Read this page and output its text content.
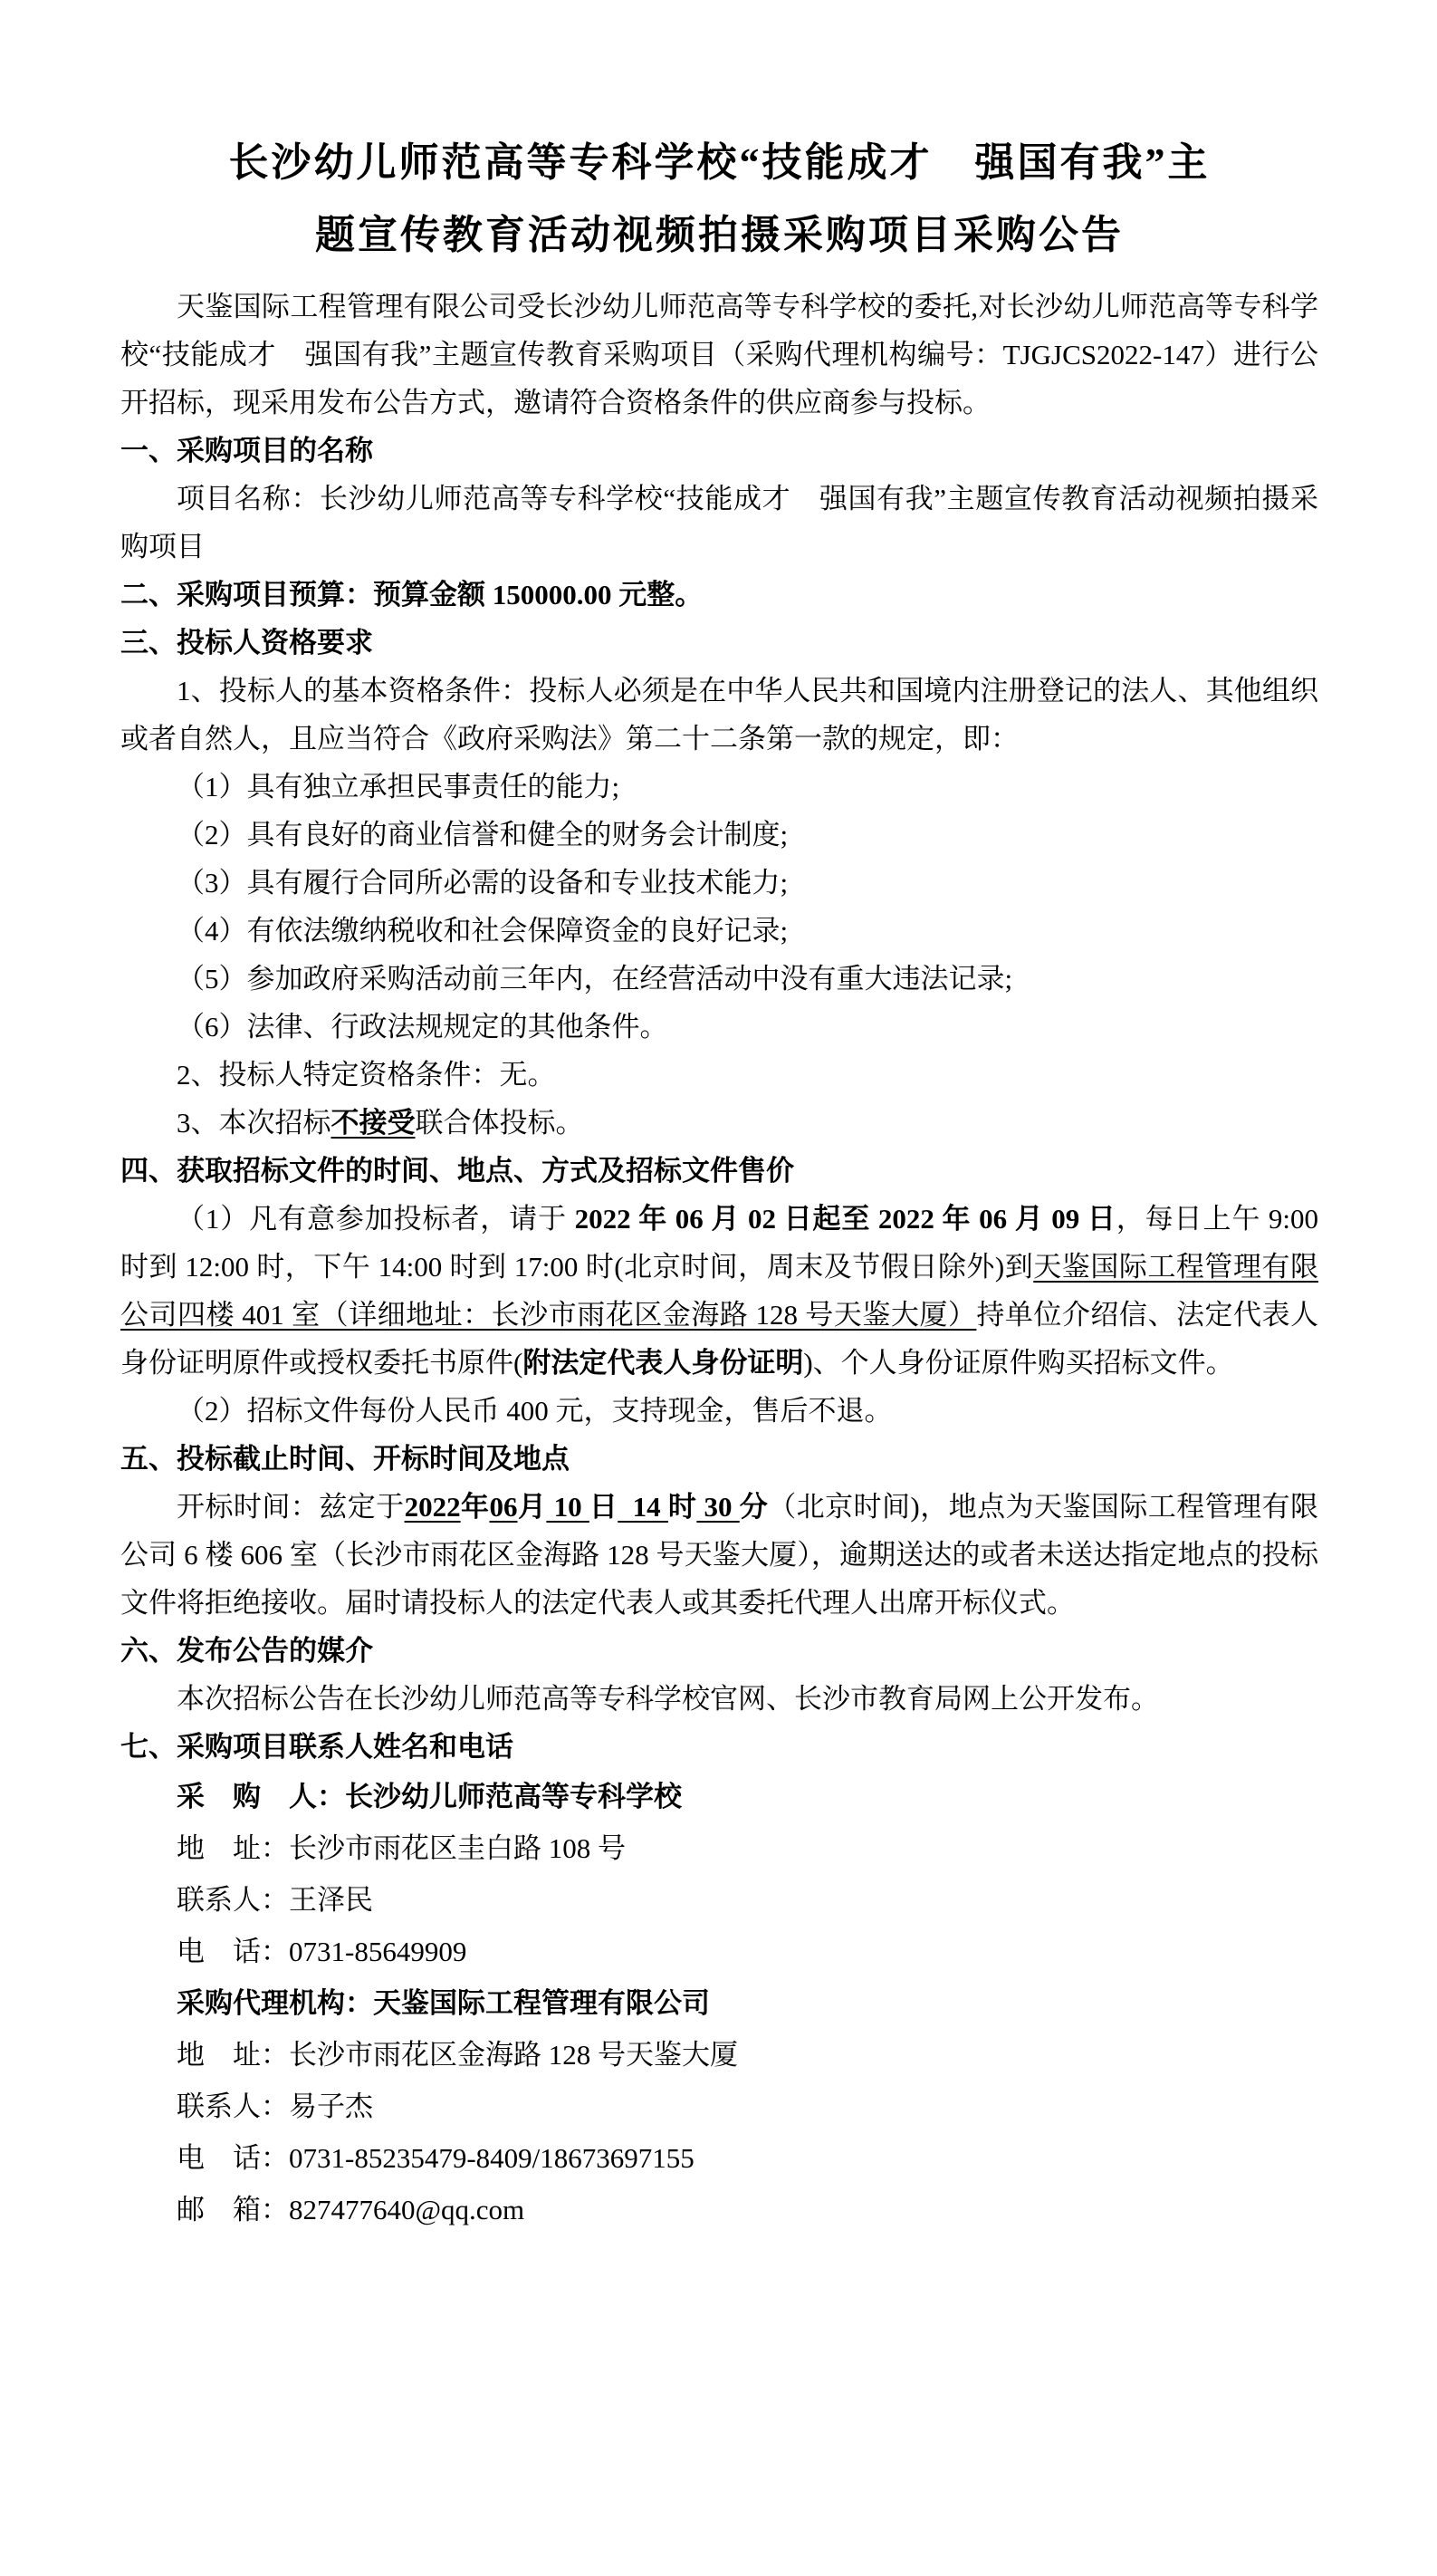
长沙幼儿师范高等专科学校“技能成才　强国有我”主
题宣传教育活动视频拍摄采购项目采购公告

天鉴国际工程管理有限公司受长沙幼儿师范高等专科学校的委托,对长沙幼儿师范高等专科学校“技能成才　强国有我”主题宣传教育采购项目（采购代理机构编号：TJGJCS2022-147）进行公开招标，现采用发布公告方式，邀请符合资格条件的供应商参与投标。

一、采购项目的名称

项目名称：长沙幼儿师范高等专科学校“技能成才　强国有我”主题宣传教育活动视频拍摄采购项目

二、采购项目预算：预算金额 150000.00 元整。

三、投标人资格要求

1、投标人的基本资格条件：投标人必须是在中华人民共和国境内注册登记的法人、其他组织或者自然人，且应当符合《政府采购法》第二十二条第一款的规定，即：

（1）具有独立承担民事责任的能力;

（2）具有良好的商业信誉和健全的财务会计制度;

（3）具有履行合同所必需的设备和专业技术能力;

（4）有依法缴纳税收和社会保障资金的良好记录;

（5）参加政府采购活动前三年内，在经营活动中没有重大违法记录;

（6）法律、行政法规规定的其他条件。

2、投标人特定资格条件：无。

3、本次招标不接受联合体投标。

四、获取招标文件的时间、地点、方式及招标文件售价

（1）凡有意参加投标者，请于 2022 年 06 月 02 日起至 2022 年 06 月 09 日，每日上午 9:00 时到 12:00 时，下午 14:00 时到 17:00 时(北京时间，周末及节假日除外)到天鉴国际工程管理有限公司四楼 401 室（详细地址：长沙市雨花区金海路 128 号天鉴大厦）持单位介绍信、法定代表人身份证明原件或授权委托书原件(附法定代表人身份证明)、个人身份证原件购买招标文件。

（2）招标文件每份人民币 400 元，支持现金，售后不退。

五、投标截止时间、开标时间及地点

开标时间：兹定于2022年06月 10 日  14 时 30 分（北京时间)，地点为天鉴国际工程管理有限公司 6 楼 606 室（长沙市雨花区金海路 128 号天鉴大厦），逾期送达的或者未送达指定地点的投标文件将拒绝接收。届时请投标人的法定代表人或其委托代理人出席开标仪式。

六、发布公告的媒介

本次招标公告在长沙幼儿师范高等专科学校官网、长沙市教育局网上公开发布。

七、采购项目联系人姓名和电话

采　购　人：长沙幼儿师范高等专科学校

地　址：长沙市雨花区圭白路 108 号

联系人：王泽民

电　话：0731-85649909

采购代理机构：天鉴国际工程管理有限公司

地　址：长沙市雨花区金海路 128 号天鉴大厦

联系人：易子杰

电　话：0731-85235479-8409/18673697155

邮　箱：827477640@qq.com
